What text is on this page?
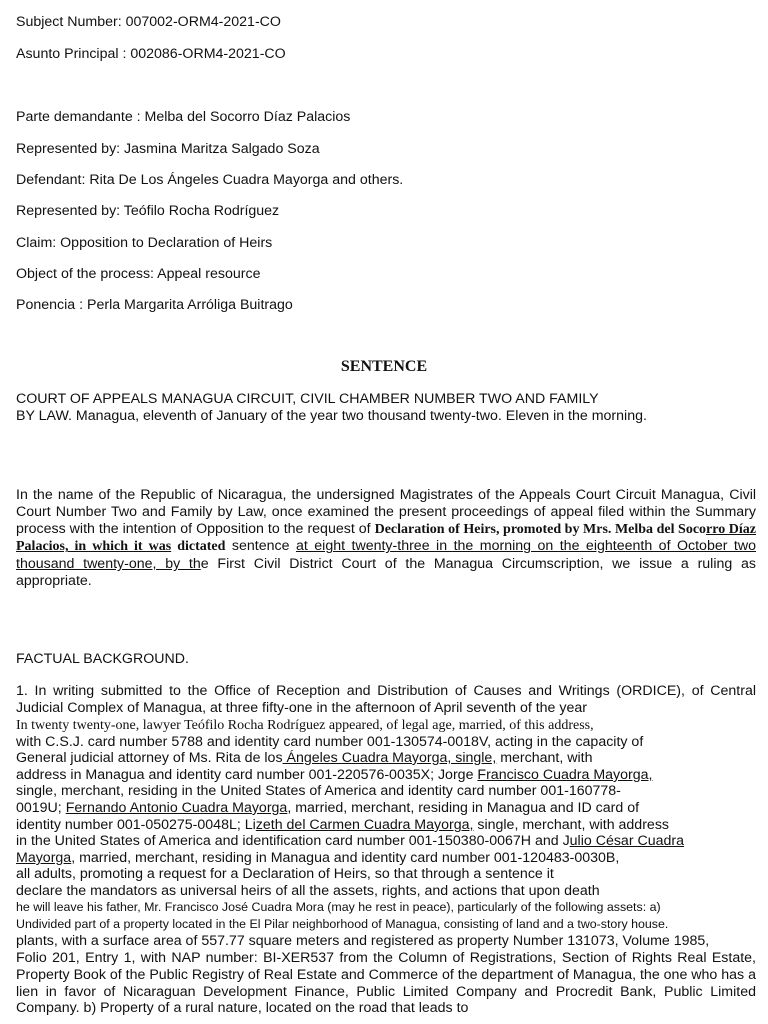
Subject Number: 007002-ORM4-2021-CO
Asunto Principal : 002086-ORM4-2021-CO
Parte demandante : Melba del Socorro Díaz Palacios
Represented by: Jasmina Maritza Salgado Soza
Defendant: Rita De Los Ángeles Cuadra Mayorga and others.
Represented by: Teófilo Rocha Rodríguez
Claim: Opposition to Declaration of Heirs
Object of the process: Appeal resource
Ponencia : Perla Margarita Arróliga Buitrago
SENTENCE
COURT OF APPEALS MANAGUA CIRCUIT, CIVIL CHAMBER NUMBER TWO AND FAMILY
BY LAW. Managua, eleventh of January of the year two thousand twenty-two. Eleven in the morning.
In the name of the Republic of Nicaragua, the undersigned Magistrates of the Appeals Court Circuit Managua, Civil Court Number Two and Family by Law, once examined the present proceedings of appeal filed within the Summary process with the intention of Opposition to the request of Declaration of Heirs, promoted by Mrs. Melba del Socorro Díaz Palacios, in which it was dictated sentence at eight twenty-three in the morning on the eighteenth of October two thousand twenty-one, by the First Civil District Court of the Managua Circumscription, we issue a ruling as appropriate.
FACTUAL BACKGROUND.
1. In writing submitted to the Office of Reception and Distribution of Causes and Writings (ORDICE), of Central Judicial Complex of Managua, at three fifty-one in the afternoon of April seventh of the year
In twenty twenty-one, lawyer Teófilo Rocha Rodríguez appeared, of legal age, married, of this address,
with C.S.J. card number 5788 and identity card number 001-130574-0018V, acting in the capacity of
General judicial attorney of Ms. Rita de los Ángeles Cuadra Mayorga, single, merchant, with
address in Managua and identity card number 001-220576-0035X; Jorge Francisco Cuadra Mayorga,
single, merchant, residing in the United States of America and identity card number 001-160778-
0019U; Fernando Antonio Cuadra Mayorga, married, merchant, residing in Managua and ID card of
identity number 001-050275-0048L; Lizeth del Carmen Cuadra Mayorga, single, merchant, with address
in the United States of America and identification card number 001-150380-0067H and Julio César Cuadra
Mayorga, married, merchant, residing in Managua and identity card number 001-120483-0030B,
all adults, promoting a request for a Declaration of Heirs, so that through a sentence it
declare the mandators as universal heirs of all the assets, rights, and actions that upon death
he will leave his father, Mr. Francisco José Cuadra Mora (may he rest in peace), particularly of the following assets: a)
Undivided part of a property located in the El Pilar neighborhood of Managua, consisting of land and a two-story house.
plants, with a surface area of 557.77 square meters and registered as property Number 131073, Volume 1985,
Folio 201, Entry 1, with NAP number: BI-XER537 from the Column of Registrations, Section of Rights Real Estate, Property Book of the Public Registry of Real Estate and Commerce of the department of Managua, the one who has a lien in favor of Nicaraguan Development Finance, Public Limited Company and Procredit Bank, Public Limited Company. b) Property of a rural nature, located on the road that leads to
